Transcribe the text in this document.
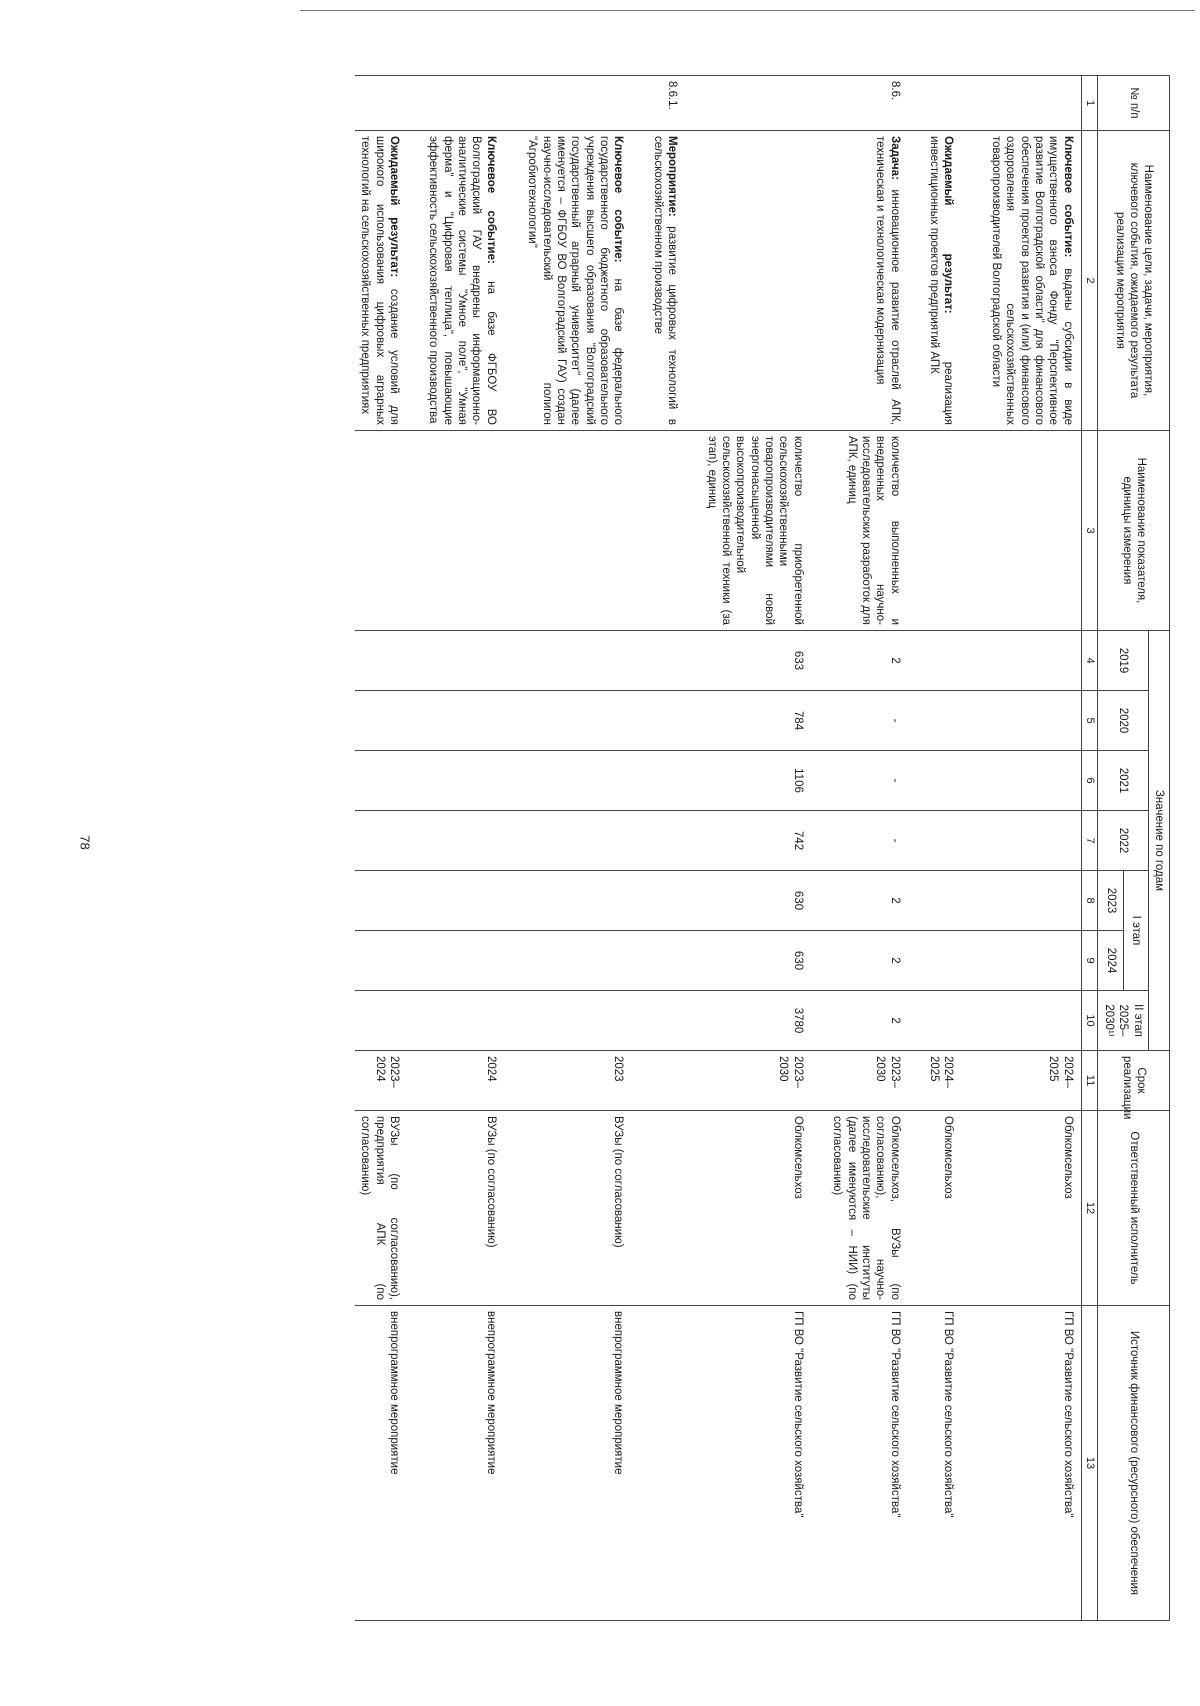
78
№ п/п	Наименование цели, задачи, мероприятия, ключевого события, ожидаемого результата реализации мероприятия	Наименование показателя, единицы измерения	Значение по годам							Срок реализации	Ответственный исполнитель	Источник финансового (ресурсного) обеспечения
			2019	2020	2021	2022	I этап		II этап 2025–2030¹⁾			
							2023	2024				
1	2	3	4	5	6	7	8	9	10	11	12	13
	Ключевое событие: выданы субсидии в виде имущественного взноса Фонду "Перспективное развитие Волгоградской области" для финансового обеспечения проектов развития и (или) финансового оздоровления сельскохозяйственных товаропроизводителей Волгоградской области									2024–2025	Облкомсельхоз	ГП ВО "Развитие сельского хозяйства"
	Ожидаемый результат: реализация инвестиционных проектов предприятий АПК									2024–2025	Облкомсельхоз	ГП ВО "Развитие сельского хозяйства"
8.6.	Задача: инновационное развитие отраслей АПК, техническая и технологическая модернизация	количество выполненных и внедренных научно-исследовательских разработок для АПК, единиц	2	-	-	-	2	2	2	2023–2030	Облкомсельхоз, ВУЗы (по согласованию), научно-исследовательские институты (далее именуются – НИИ) (по согласованию)	ГП ВО "Развитие сельского хозяйства"
		количество приобретенной сельскохозяйственными товаропроизводителями новой энергонасыщенной высокопроизводительной сельскохозяйственной техники (за этап), единиц	633	784	1106	742	630	630	3780	2023–2030	Облкомсельхоз	ГП ВО "Развитие сельского хозяйства"
8.6.1.	Мероприятие: развитие цифровых технологий в сельскохозяйственном производстве											
	Ключевое событие: на базе федерального государственного бюджетного образовательного учреждения высшего образования "Волгоградский государственный аграрный университет" (далее именуется – ФГБОУ ВО Волгоградский ГАУ) создан научно-исследовательский полигон "Агробиотехнологии"									2023	ВУЗы (по согласованию)	внепрограммное мероприятие
	Ключевое событие: на базе ФГБОУ ВО Волгоградский ГАУ внедрены информационно-аналитические системы "Умное поле", "Умная ферма" и "Цифровая теплица", повышающие эффективность сельскохозяйственного производства									2024	ВУЗы (по согласованию)	внепрограммное мероприятие
	Ожидаемый результат: создание условий для широкого использования цифровых аграрных технологий на сельскохозяйственных предприятиях									2023–2024	ВУЗы (по согласованию), предприятия АПК (по согласованию)	внепрограммное мероприятие
